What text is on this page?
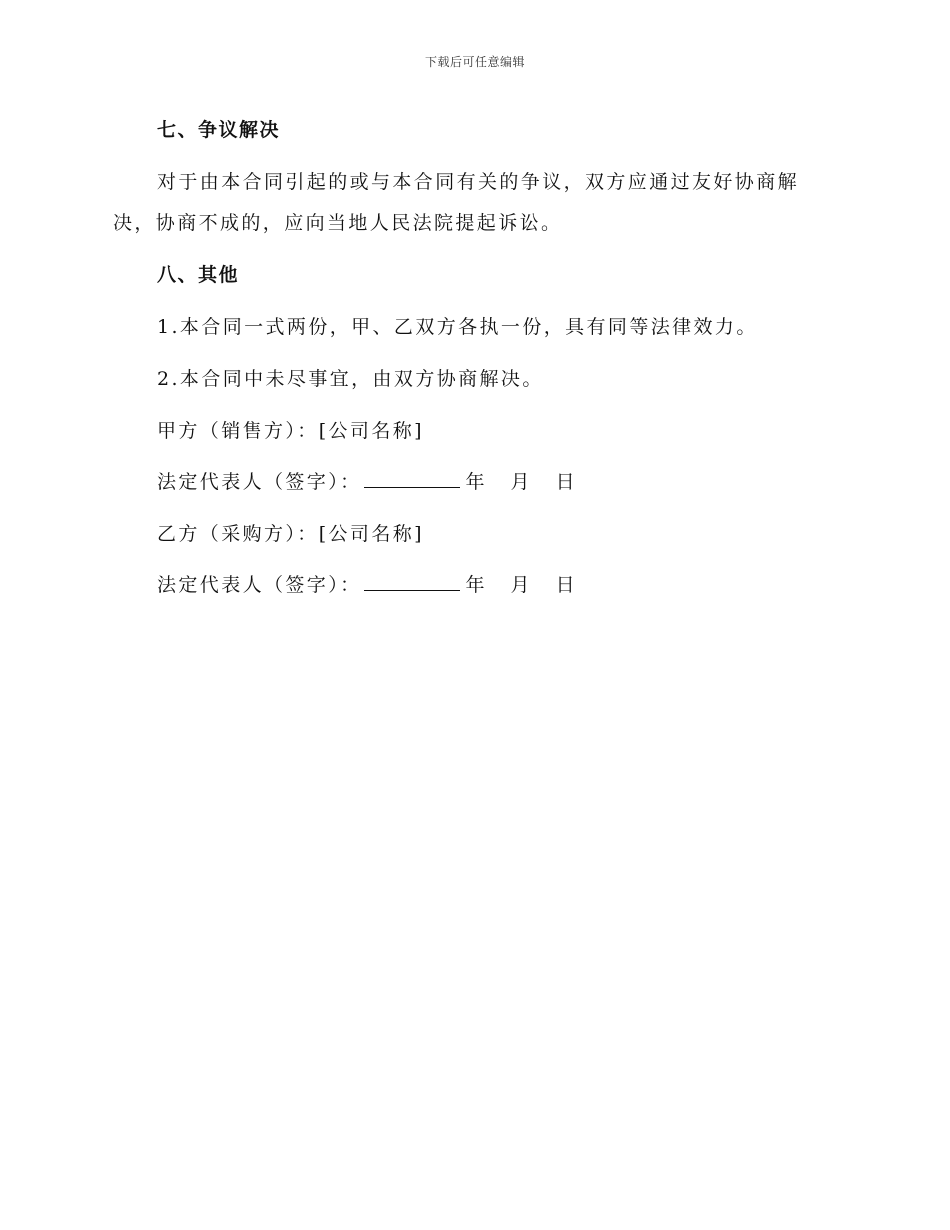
下载后可任意编辑
七、争议解决
对于由本合同引起的或与本合同有关的争议，双方应通过友好协商解
决，协商不成的，应向当地人民法院提起诉讼。
八、其他
1.本合同一式两份，甲、乙双方各执一份，具有同等法律效力。
2.本合同中未尽事宜，由双方协商解决。
甲方（销售方）：[公司名称]
法定代表人（签字）：	年 月 日
乙方（采购方）：[公司名称]
法定代表人（签字）：	年 月 日
